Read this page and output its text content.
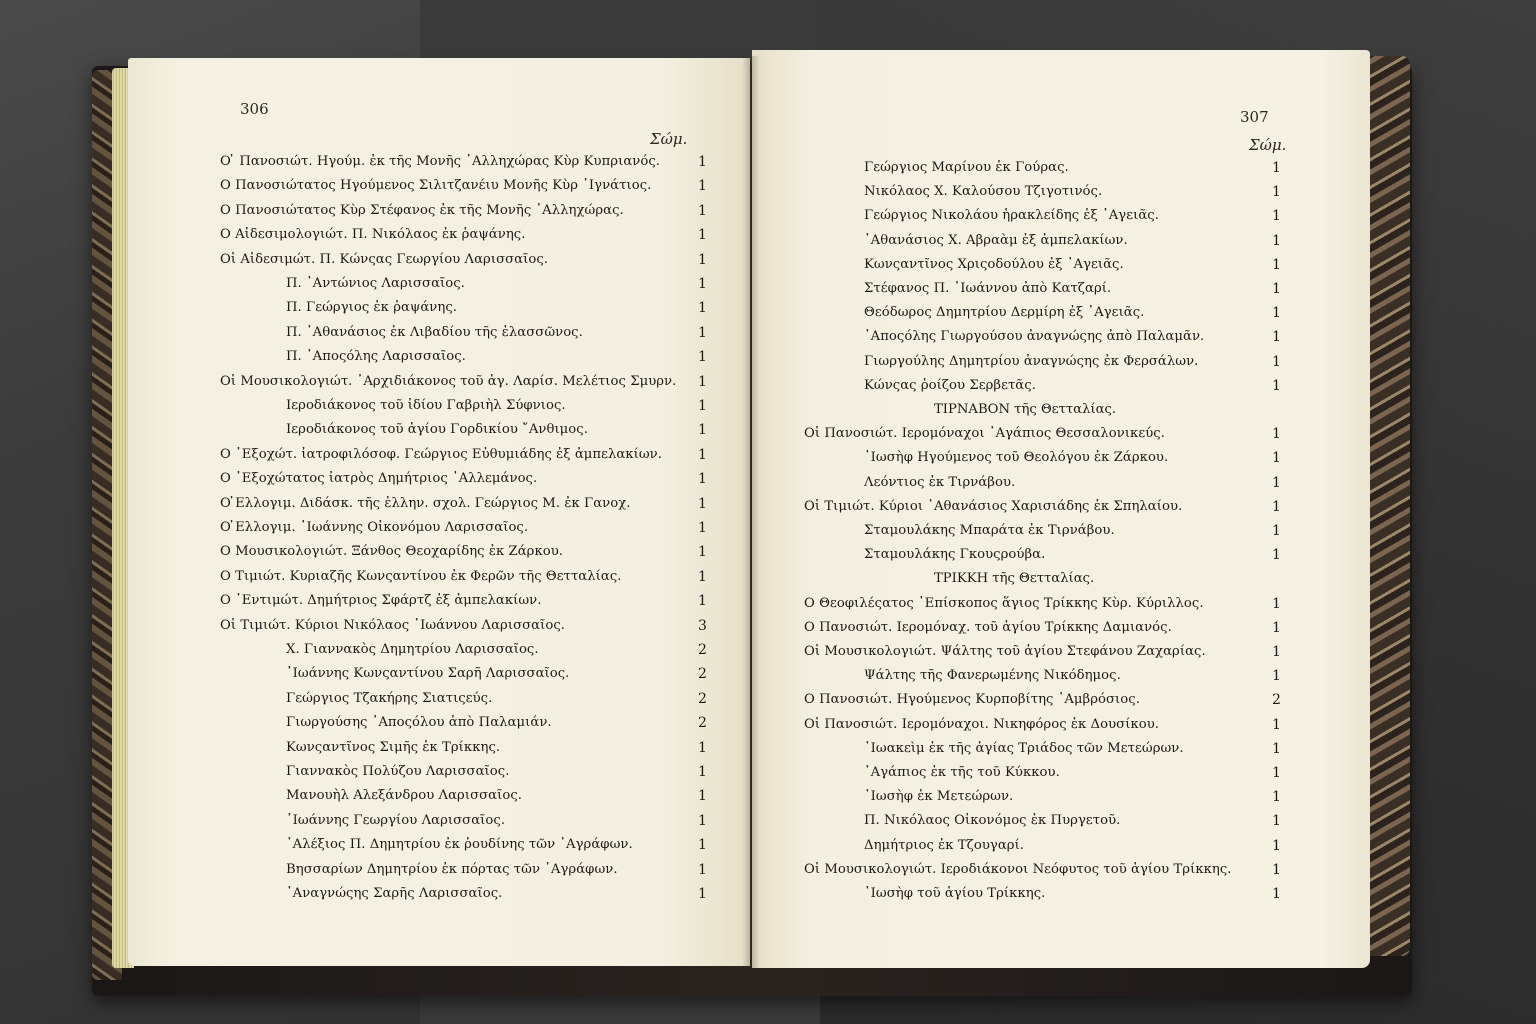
306
Σώμ.
Ο ̔ Πανοσιώτ. Ηγούμ. ἐκ τῆς Μονῆς ᾿Αλληχώρας Κὺρ Κυπριανός.	1
Ο Πανοσιώτατος Ηγούμενος Σιλιτζανέιυ Μονῆς Κὺρ ᾿Ιγνάτιος.	1
Ο Πανοσιώτατος Κὺρ Στέφανος ἐκ τῆς Μονῆς ᾿Αλληχώρας.	1
Ο Αἰδεσιμολογιώτ. Π. Νικόλαος ἐκ ῥαψάνης.	1
Οἱ Αἰδεσιμώτ. Π. Κώνςας Γεωργίου Λαρισσαῖος.	1
Π. ᾿Αντώνιος Λαρισσαῖος.	1
Π. Γεώργιος ἐκ ῥαψάνης.	1
Π. ᾿Αθανάσιος ἐκ Λιβαδίου τῆς ἐλασσῶνος.	1
Π. ᾿Αποςόλης Λαρισσαῖος.	1
Οἱ Μουσικολογιώτ. ᾿Αρχιδιάκονος τοῦ ἁγ. Λαρίσ. Μελέτιος Σμυρν. 1
Ιεροδιάκονος τοῦ ἰδίου Γαβριὴλ Σύφνιος.	1
Ιεροδιάκονος τοῦ ἁγίου Γορδικίου ῎Ανθιμος.	1
Ο ᾿Εξοχώτ. ἰατροφιλόσοφ. Γεώργιος Εὐθυμιάδης ἐξ ἀμπελακίων.	1
Ο ᾿Εξοχώτατος ἰατρὸς Δημήτριος ᾿Αλλεμάνος.	1
Ο ̔Ελλογιμ. Διδάσκ. τῆς ἑλλην. σχολ. Γεώργιος Μ. ἐκ Γανοχ.	1
Ο ̔Ελλογιμ. ᾿Ιωάννης Οἰκονόμου Λαρισσαῖος.	1
Ο Μουσικολογιώτ. Ξάνθος Θεοχαρίδης ἐκ Ζάρκου.	1
Ο Τιμιώτ. Κυριαζῆς Κωνςαντίνου ἐκ Φερῶν τῆς Θετταλίας.	1
Ο ᾿Εντιμώτ. Δημήτριος Σφάρτζ ἐξ ἀμπελακίων.	1
Οἱ Τιμιώτ. Κύριοι Νικόλαος ᾿Ιωάννου Λαρισσαῖος.	3
Χ. Γιαννακὸς Δημητρίου Λαρισσαῖος.	2
᾿Ιωάννης Κωνςαντίνου Σαρῆ Λαρισσαῖος.	2
Γεώργιος Τζακήρης Σιατιςεύς.	2
Γιωργούσης ᾿Αποςόλου ἀπὸ Παλαμιάν.	2
Κωνςαντῖνος Σιμῆς ἐκ Τρίκκης.	1
Γιαννακὸς Πολύζου Λαρισσαῖος.	1
Μανουὴλ Αλεξάνδρου Λαρισσαῖος.	1
᾿Ιωάννης Γεωργίου Λαρισσαῖος.	1
᾿Αλέξιος Π. Δημητρίου ἐκ ῥουδίνης τῶν ᾿Αγράφων.	1
Βησσαρίων Δημητρίου ἐκ πόρτας τῶν ᾿Αγράφων.	1
᾿Αναγνώςης Σαρῆς Λαρισσαῖος.	1
307
Σώμ.
Γεώργιος Μαρίνου ἐκ Γούρας.	1
Νικόλαος Χ. Καλούσου Τζιγοτινός.	1
Γεώργιος Νικολάου ἡρακλείδης ἐξ ᾿Αγειᾶς.	1
᾿Αθανάσιος Χ. Αβραὰμ ἐξ ἀμπελακίων.	1
Κωνςαντῖνος Χριςοδούλου ἐξ ᾿Αγειᾶς.	1
Στέφανος Π. ᾿Ιωάννου ἀπὸ Κατζαρί.	1
Θεόδωρος Δημητρίου Δερμίρη ἐξ ᾿Αγειᾶς.	1
᾿Αποςόλης Γιωργούσου ἀναγνώςης ἀπὸ Παλαμᾶν.	1
Γιωργούλης Δημητρίου ἀναγνώςης ἐκ Φερσάλων.	1
Κώνςας ῥοίζου Σερβετᾶς.	1
ΤΙΡΝΑΒΟΝ τῆς Θετταλίας.
Οἱ Πανοσιώτ. Ιερομόναχοι ᾿Αγάπιος Θεσσαλονικεύς.	1
᾿Ιωσὴφ Ηγούμενος τοῦ Θεολόγου ἐκ Ζάρκου.	1
Λεόντιος ἐκ Τιρνάβου.	1
Οἱ Τιμιώτ. Κύριοι ᾿Αθανάσιος Χαρισιάδης ἐκ Σπηλαίου.	1
Σταμουλάκης Μπαράτα ἐκ Τιρνάβου.	1
Σταμουλάκης Γκουςρούβα.	1
ΤΡΙΚΚΗ τῆς Θετταλίας.
Ο Θεοφιλέςατος ᾿Επίσκοπος ἅγιος Τρίκκης Κὺρ. Κύριλλος.	1
Ο Πανοσιώτ. Ιερομόναχ. τοῦ ἁγίου Τρίκκης Δαμιανός.	1
Οἱ Μουσικολογιώτ. Ψάλτης τοῦ ἁγίου Στεφάνου Ζαχαρίας.	1
Ψάλτης τῆς Φανερωμένης Νικόδημος.	1
Ο Πανοσιώτ. Ηγούμενος Κυρποβίτης ᾿Αμβρόσιος.	2
Οἱ Πανοσιώτ. Ιερομόναχοι. Νικηφόρος ἐκ Δουσίκου.	1
᾿Ιωακεὶμ ἐκ τῆς ἁγίας Τριάδος τῶν Μετεώρων.	1
᾿Αγάπιος ἐκ τῆς τοῦ Κύκκου.	1
᾿Ιωσὴφ ἐκ Μετεώρων.	1
Π. Νικόλαος Οἰκονόμος ἐκ Πυργετοῦ.	1
Δημήτριος ἐκ Τζουγαρί.	1
Οἱ Μουσικολογιώτ. Ιεροδιάκονοι Νεόφυτος τοῦ ἁγίου Τρίκκης.	1
᾿Ιωσὴφ τοῦ ἁγίου Τρίκκης.	1
